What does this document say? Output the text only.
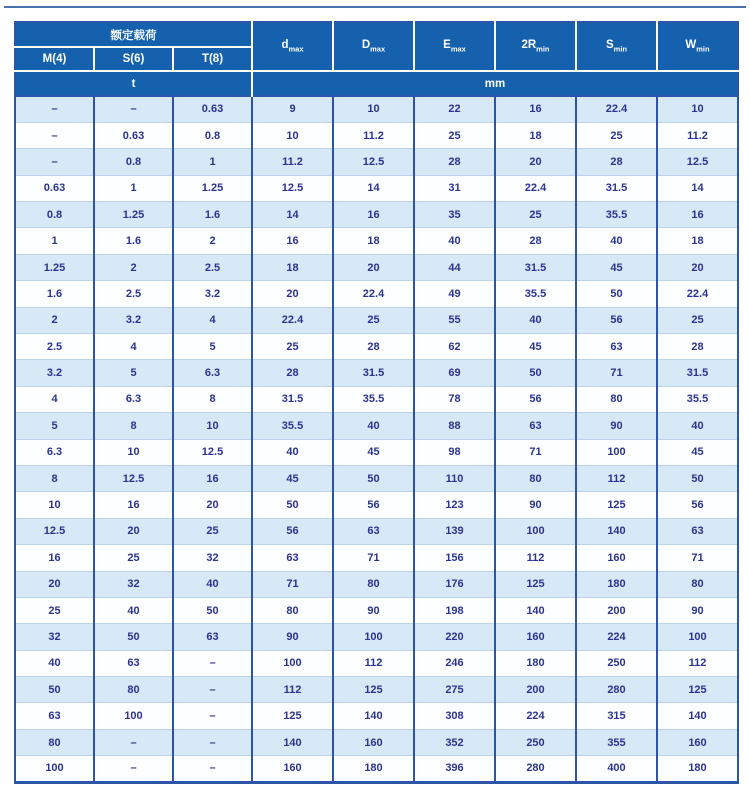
额定载荷			$d_{max}$	$D_{max}$	$E_{max}$	$2R_{min}$	$S_{min}$	$W_{min}$
M(4)	S(6)	T(8)						
t			mm					
–	–	0.63	9	10	22	16	22.4	10
–	0.63	0.8	10	11.2	25	18	25	11.2
–	0.8	1	11.2	12.5	28	20	28	12.5
0.63	1	1.25	12.5	14	31	22.4	31.5	14
0.8	1.25	1.6	14	16	35	25	35.5	16
1	1.6	2	16	18	40	28	40	18
1.25	2	2.5	18	20	44	31.5	45	20
1.6	2.5	3.2	20	22.4	49	35.5	50	22.4
2	3.2	4	22.4	25	55	40	56	25
2.5	4	5	25	28	62	45	63	28
3.2	5	6.3	28	31.5	69	50	71	31.5
4	6.3	8	31.5	35.5	78	56	80	35.5
5	8	10	35.5	40	88	63	90	40
6.3	10	12.5	40	45	98	71	100	45
8	12.5	16	45	50	110	80	112	50
10	16	20	50	56	123	90	125	56
12.5	20	25	56	63	139	100	140	63
16	25	32	63	71	156	112	160	71
20	32	40	71	80	176	125	180	80
25	40	50	80	90	198	140	200	90
32	50	63	90	100	220	160	224	100
40	63	–	100	112	246	180	250	112
50	80	–	112	125	275	200	280	125
63	100	–	125	140	308	224	315	140
80	–	–	140	160	352	250	355	160
100	–	–	160	180	396	280	400	180
